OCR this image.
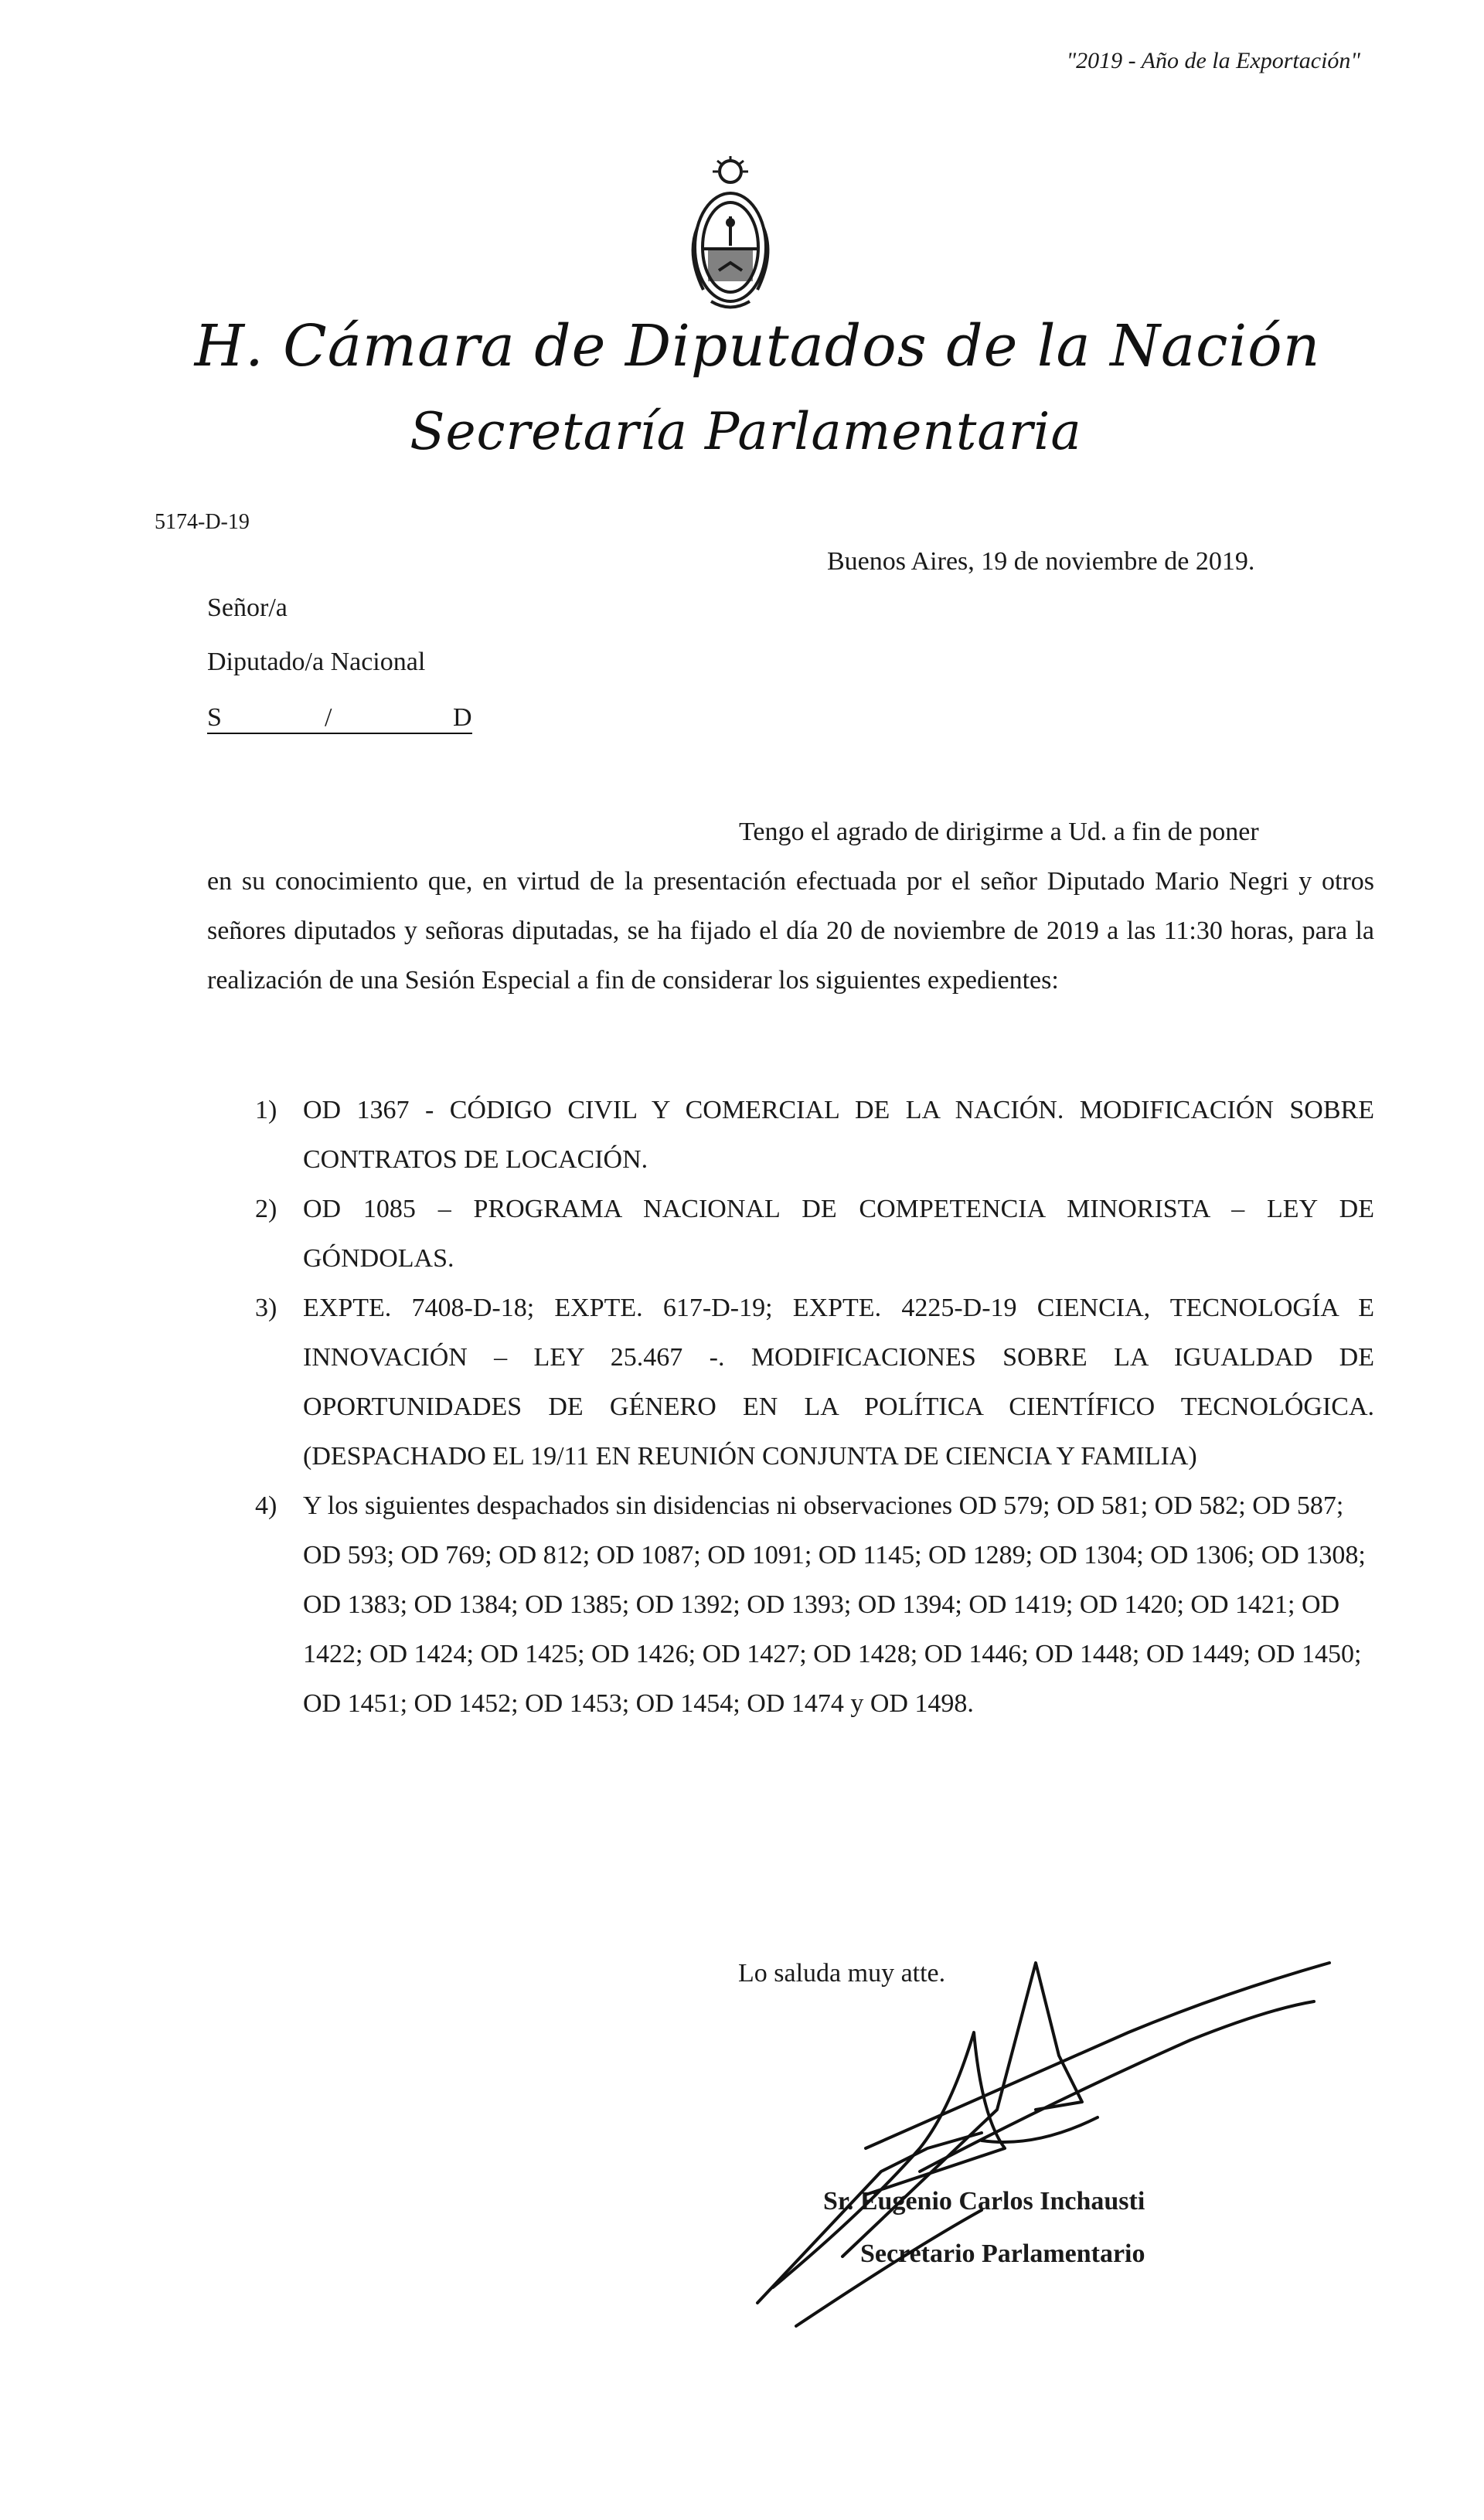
"2019 - Año de la Exportación"
H. Cámara de Diputados de la Nación
Secretaría Parlamentaria
5174-D-19
Buenos Aires, 19 de noviembre de 2019.
Señor/a
Diputado/a Nacional
S	/	D

Tengo el agrado de dirigirme a Ud. a fin de poner

en su conocimiento que, en virtud de la presentación efectuada por el señor Diputado Mario Negri y otros señores diputados y señoras diputadas, se ha fijado el día 20 de noviembre de 2019 a las 11:30 horas, para la realización de una Sesión Especial a fin de considerar los siguientes expedientes:

1) OD 1367 - CÓDIGO CIVIL Y COMERCIAL DE LA NACIÓN. MODIFICACIÓN SOBRE CONTRATOS DE LOCACIÓN.
2) OD 1085 – PROGRAMA NACIONAL DE COMPETENCIA MINORISTA – LEY DE GÓNDOLAS.
3) EXPTE. 7408-D-18; EXPTE. 617-D-19; EXPTE. 4225-D-19 CIENCIA, TECNOLOGÍA E INNOVACIÓN – LEY 25.467 -. MODIFICACIONES SOBRE LA IGUALDAD DE OPORTUNIDADES DE GÉNERO EN LA POLÍTICA CIENTÍFICO TECNOLÓGICA. (DESPACHADO EL 19/11 EN REUNIÓN CONJUNTA DE CIENCIA Y FAMILIA)
4) Y los siguientes despachados sin disidencias ni observaciones OD 579; OD 581; OD 582; OD 587; OD 593; OD 769; OD 812; OD 1087; OD 1091; OD 1145; OD 1289; OD 1304; OD 1306; OD 1308; OD 1383; OD 1384; OD 1385; OD 1392; OD 1393; OD 1394; OD 1419; OD 1420; OD 1421; OD 1422; OD 1424; OD 1425; OD 1426; OD 1427; OD 1428; OD 1446; OD 1448; OD 1449; OD 1450; OD 1451; OD 1452; OD 1453; OD 1454; OD 1474 y OD 1498.
Lo saluda muy atte.
Sr. Eugenio Carlos Inchausti
Secretario Parlamentario
